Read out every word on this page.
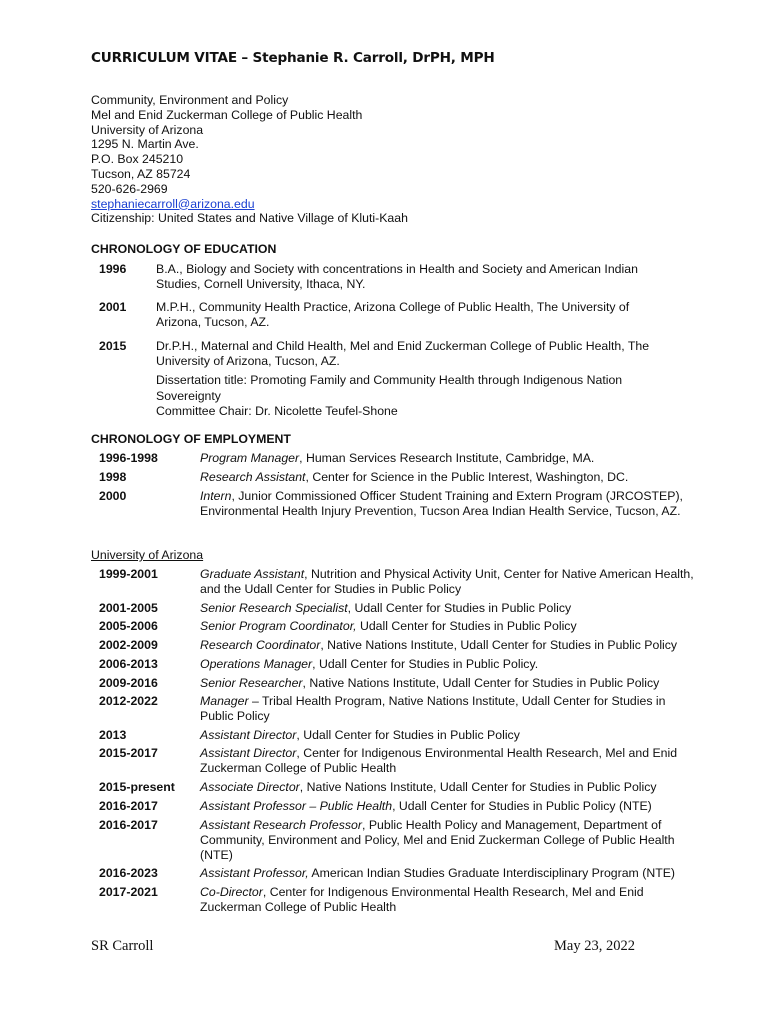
CURRICULUM VITAE – Stephanie R. Carroll, DrPH, MPH
Community, Environment and Policy
Mel and Enid Zuckerman College of Public Health
University of Arizona
1295 N. Martin Ave.
P.O. Box 245210
Tucson, AZ 85724
520-626-2969
stephaniecarroll@arizona.edu
Citizenship: United States and Native Village of Kluti-Kaah
CHRONOLOGY OF EDUCATION
1996 B.A., Biology and Society with concentrations in Health and Society and American Indian Studies, Cornell University, Ithaca, NY.
2001 M.P.H., Community Health Practice, Arizona College of Public Health, The University of Arizona, Tucson, AZ.
2015 Dr.P.H., Maternal and Child Health, Mel and Enid Zuckerman College of Public Health, The University of Arizona, Tucson, AZ.
Dissertation title: Promoting Family and Community Health through Indigenous Nation Sovereignty
Committee Chair: Dr. Nicolette Teufel-Shone
CHRONOLOGY OF EMPLOYMENT
1996-1998	Program Manager, Human Services Research Institute, Cambridge, MA.
1998	Research Assistant, Center for Science in the Public Interest, Washington, DC.
2000	Intern, Junior Commissioned Officer Student Training and Extern Program (JRCOSTEP), Environmental Health Injury Prevention, Tucson Area Indian Health Service, Tucson, AZ.
University of Arizona
1999-2001	Graduate Assistant, Nutrition and Physical Activity Unit, Center for Native American Health, and the Udall Center for Studies in Public Policy
2001-2005	Senior Research Specialist, Udall Center for Studies in Public Policy
2005-2006	Senior Program Coordinator, Udall Center for Studies in Public Policy
2002-2009	Research Coordinator, Native Nations Institute, Udall Center for Studies in Public Policy
2006-2013	Operations Manager, Udall Center for Studies in Public Policy.
2009-2016	Senior Researcher, Native Nations Institute, Udall Center for Studies in Public Policy
2012-2022	Manager – Tribal Health Program, Native Nations Institute, Udall Center for Studies in Public Policy
2013	Assistant Director, Udall Center for Studies in Public Policy
2015-2017	Assistant Director, Center for Indigenous Environmental Health Research, Mel and Enid Zuckerman College of Public Health
2015-present Associate Director, Native Nations Institute, Udall Center for Studies in Public Policy
2016-2017	Assistant Professor – Public Health, Udall Center for Studies in Public Policy (NTE)
2016-2017	Assistant Research Professor, Public Health Policy and Management, Department of Community, Environment and Policy, Mel and Enid Zuckerman College of Public Health (NTE)
2016-2023	Assistant Professor, American Indian Studies Graduate Interdisciplinary Program (NTE)
2017-2021	Co-Director, Center for Indigenous Environmental Health Research, Mel and Enid Zuckerman College of Public Health
SR Carroll	May 23, 2022
